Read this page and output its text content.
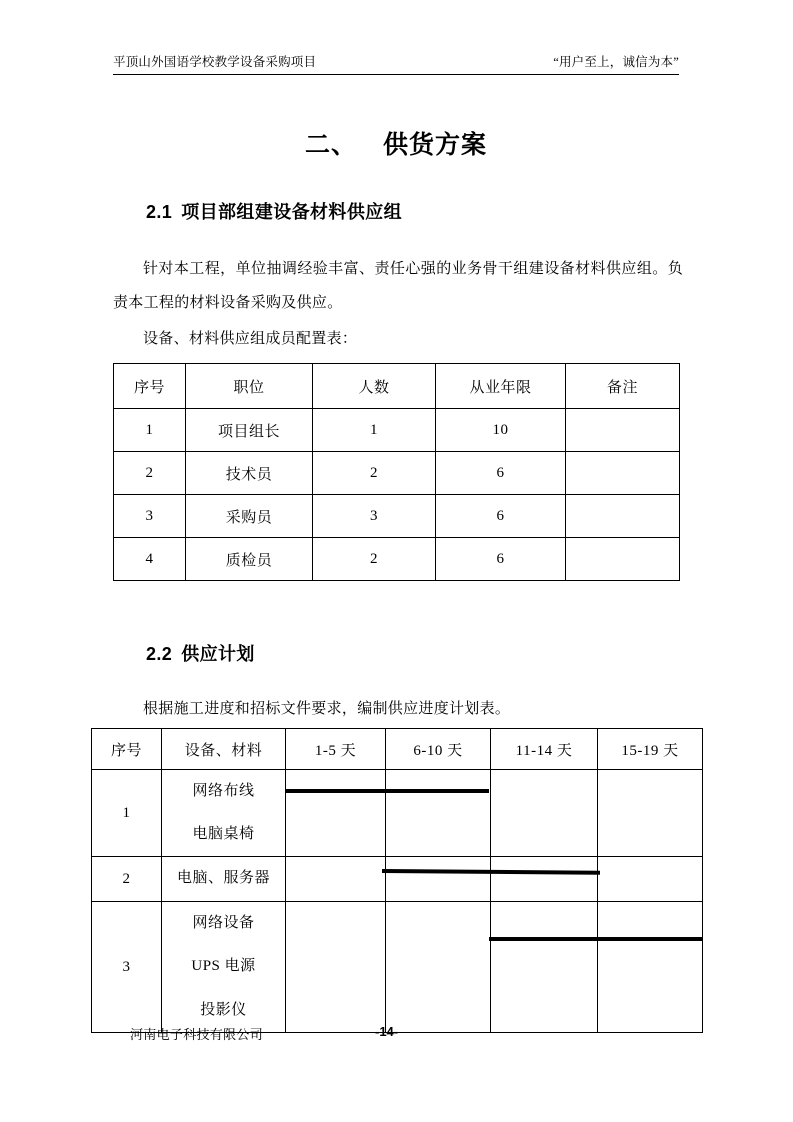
平顶山外国语学校教学设备采购项目	“用户至上，诚信为本”
二、 供货方案
2.1 项目部组建设备材料供应组
针对本工程，单位抽调经验丰富、责任心强的业务骨干组建设备材料供应组。负责本工程的材料设备采购及供应。
设备、材料供应组成员配置表：
序号	职位	人数	从业年限	备注
1	项目组长	1	10	
2	技术员	2	6	
3	采购员	3	6	
4	质检员	2	6	
2.2 供应计划
根据施工进度和招标文件要求，编制供应进度计划表。
序号	设备、材料	1-5 天	6-10 天	11-14 天	15-19 天
1	网络布线
电脑桌椅				

2	电脑、服务器				

3	网络设备
UPS 电源
投影仪				

河南电子科技有限公司	-14-
